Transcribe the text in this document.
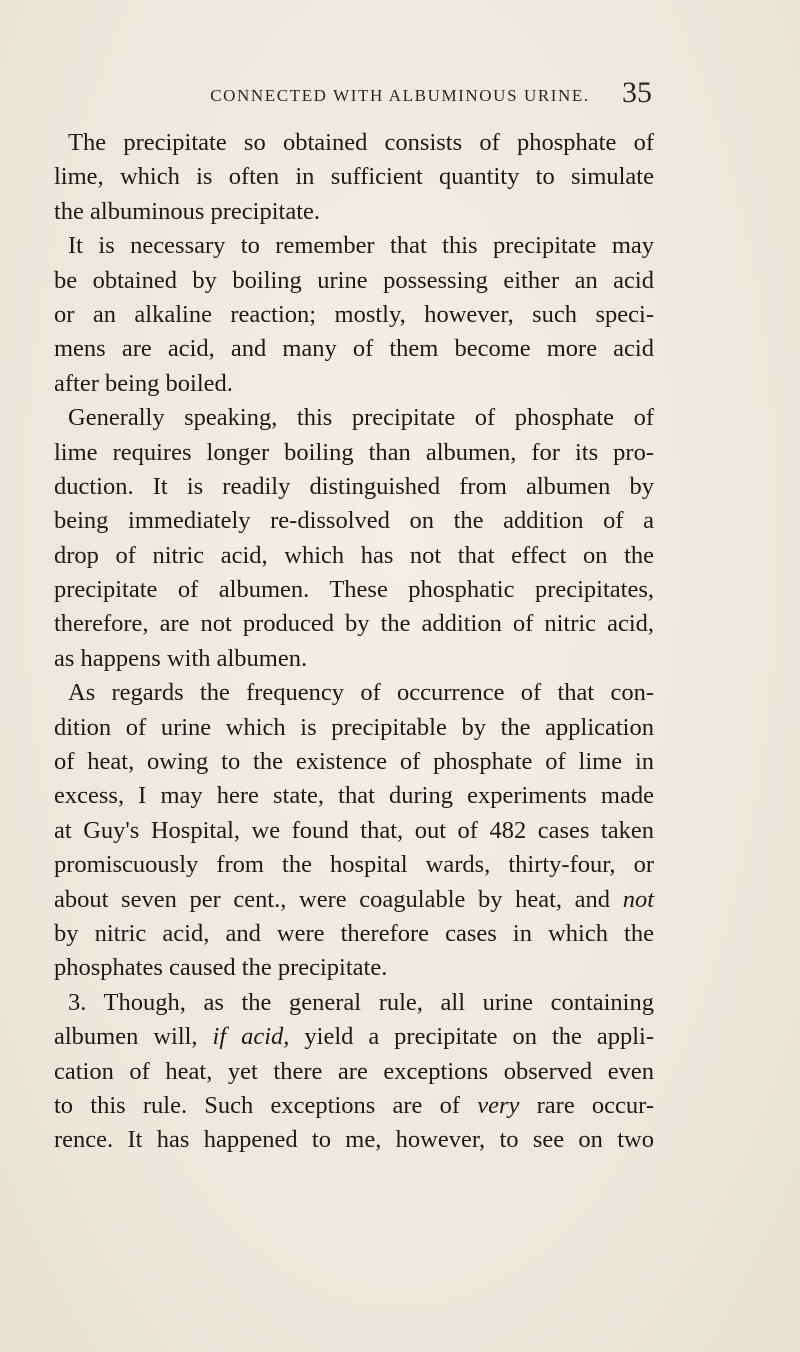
CONNECTED WITH ALBUMINOUS URINE.	35
The precipitate so obtained consists of phosphate of
lime, which is often in sufficient quantity to simulate
the albuminous precipitate.
It is necessary to remember that this precipitate may
be obtained by boiling urine possessing either an acid
or an alkaline reaction; mostly, however, such speci-
mens are acid, and many of them become more acid
after being boiled.
Generally speaking, this precipitate of phosphate of
lime requires longer boiling than albumen, for its pro-
duction. It is readily distinguished from albumen by
being immediately re-dissolved on the addition of a
drop of nitric acid, which has not that effect on the
precipitate of albumen. These phosphatic precipitates,
therefore, are not produced by the addition of nitric acid,
as happens with albumen.
As regards the frequency of occurrence of that con-
dition of urine which is precipitable by the application
of heat, owing to the existence of phosphate of lime in
excess, I may here state, that during experiments made
at Guy's Hospital, we found that, out of 482 cases taken
promiscuously from the hospital wards, thirty-four, or
about seven per cent., were coagulable by heat, and not
by nitric acid, and were therefore cases in which the
phosphates caused the precipitate.
3. Though, as the general rule, all urine containing
albumen will, if acid, yield a precipitate on the appli-
cation of heat, yet there are exceptions observed even
to this rule. Such exceptions are of very rare occur-
rence. It has happened to me, however, to see on two
